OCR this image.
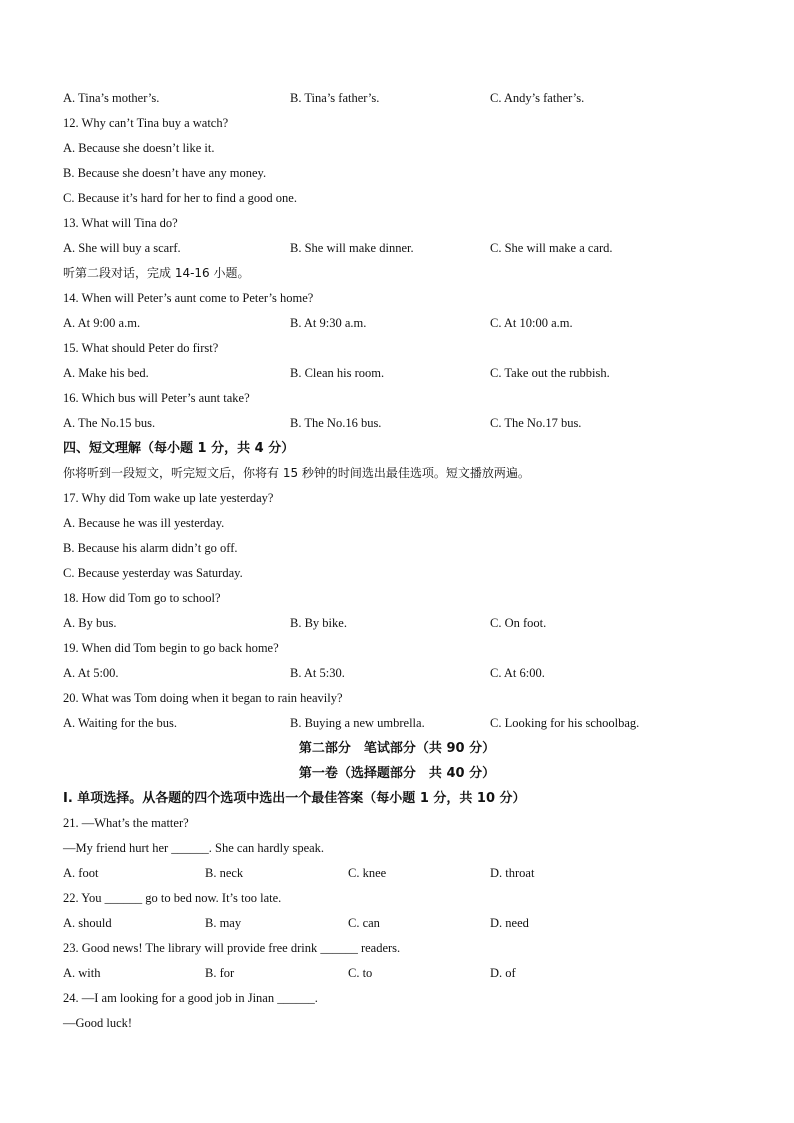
A. Tina’s mother’s.	B. Tina’s father’s.	C. Andy’s father’s.
12. Why can’t Tina buy a watch?
A. Because she doesn’t like it.
B. Because she doesn’t have any money.
C. Because it’s hard for her to find a good one.
13. What will Tina do?
A. She will buy a scarf.	B. She will make dinner.	C. She will make a card.
听第二段对话，完成 14-16 小题。
14. When will Peter’s aunt come to Peter’s home?
A. At 9:00 a.m.	B. At 9:30 a.m.	C. At 10:00 a.m.
15. What should Peter do first?
A. Make his bed.	B. Clean his room.	C. Take out the rubbish.
16. Which bus will Peter’s aunt take?
A. The No.15 bus.	B. The No.16 bus.	C. The No.17 bus.
四、短文理解（每小题 1 分，共 4 分）
你将听到一段短文，听完短文后，你将有 15 秒钟的时间选出最佳选项。短文播放两遍。
17. Why did Tom wake up late yesterday?
A. Because he was ill yesterday.
B. Because his alarm didn’t go off.
C. Because yesterday was Saturday.
18. How did Tom go to school?
A. By bus.	B. By bike.	C. On foot.
19. When did Tom begin to go back home?
A. At 5:00.	B. At 5:30.	C. At 6:00.
20. What was Tom doing when it began to rain heavily?
A. Waiting for the bus.	B. Buying a new umbrella.	C. Looking for his schoolbag.
第二部分　笔试部分（共 90 分）
第一卷（选择题部分　共 40 分）
Ⅰ. 单项选择。从各题的四个选项中选出一个最佳答案（每小题 1 分，共 10 分）
21. —What’s the matter?
—My friend hurt her ______. She can hardly speak.
A. foot	B. neck	C. knee	D. throat
22. You ______ go to bed now. It’s too late.
A. should	B. may	C. can	D. need
23. Good news! The library will provide free drink ______ readers.
A. with	B. for	C. to	D. of
24. —I am looking for a good job in Jinan ______.
—Good luck!
